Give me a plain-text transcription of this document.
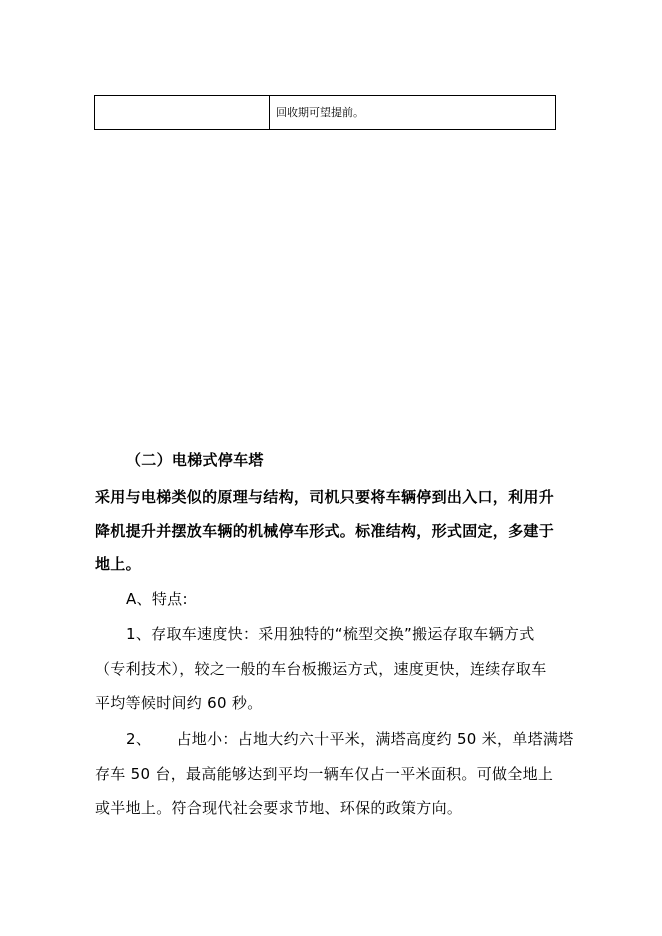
	回收期可望提前。
（二）电梯式停车塔
采用与电梯类似的原理与结构，司机只要将车辆停到出入口，利用升
降机提升并摆放车辆的机械停车形式。标准结构，形式固定，多建于
地上。
A、特点:
1、存取车速度快：采用独特的“梳型交换”搬运存取车辆方式
（专利技术），较之一般的车台板搬运方式，速度更快，连续存取车
平均等候时间约 60 秒。
2、     占地小：占地大约六十平米，满塔高度约 50 米，单塔满塔
存车 50 台，最高能够达到平均一辆车仅占一平米面积。可做全地上
或半地上。符合现代社会要求节地、环保的政策方向。
